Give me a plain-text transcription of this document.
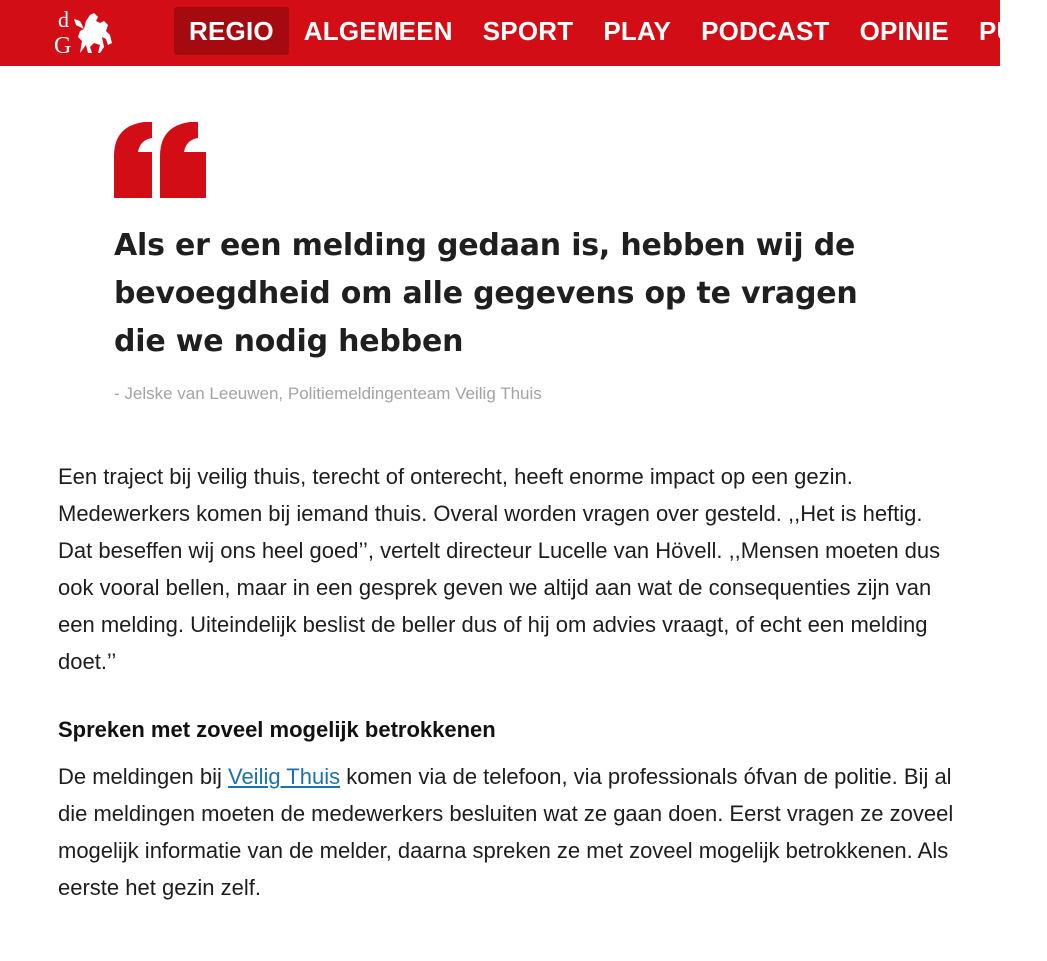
d
G	REGIO	ALGEMEEN	SPORT	PLAY	PODCAST	OPINIE	PUZ

Als er een melding gedaan is, hebben wij de bevoegdheid om alle gegevens op te vragen die we nodig hebben

- Jelske van Leeuwen, Politiemeldingenteam Veilig Thuis

Een traject bij veilig thuis, terecht of onterecht, heeft enorme impact op een gezin. Medewerkers komen bij iemand thuis. Overal worden vragen over gesteld. ,,Het is heftig. Dat beseffen wij ons heel goed’’, vertelt directeur Lucelle van Hövell. ,,Mensen moeten dus ook vooral bellen, maar in een gesprek geven we altijd aan wat de consequenties zijn van een melding. Uiteindelijk beslist de beller dus of hij om advies vraagt, of echt een melding doet.’’

Spreken met zoveel mogelijk betrokkenen

De meldingen bij Veilig Thuis komen via de telefoon, via professionals ófvan de politie. Bij al die meldingen moeten de medewerkers besluiten wat ze gaan doen. Eerst vragen ze zoveel mogelijk informatie van de melder, daarna spreken ze met zoveel mogelijk betrokkenen. Als eerste het gezin zelf.
